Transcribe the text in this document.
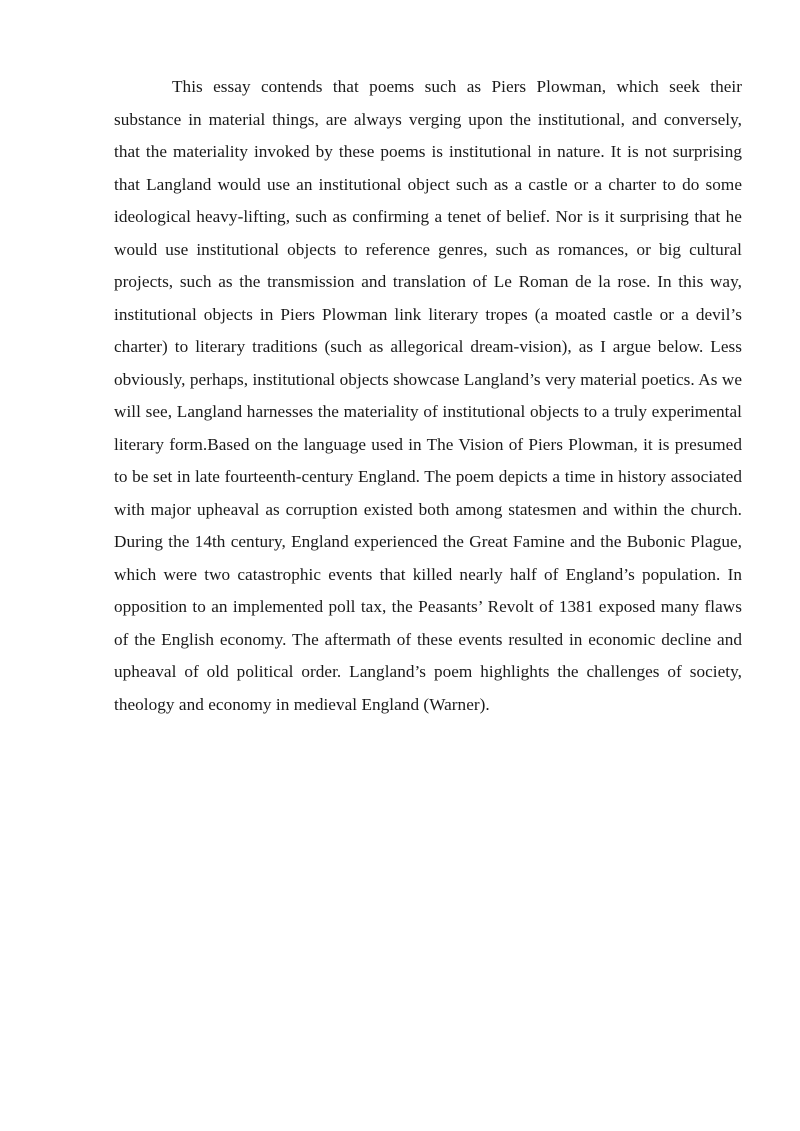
This essay contends that poems such as Piers Plowman, which seek their substance in material things, are always verging upon the institutional, and conversely, that the materiality invoked by these poems is institutional in nature. It is not surprising that Langland would use an institutional object such as a castle or a charter to do some ideological heavy-lifting, such as confirming a tenet of belief. Nor is it surprising that he would use institutional objects to reference genres, such as romances, or big cultural projects, such as the transmission and translation of Le Roman de la rose. In this way, institutional objects in Piers Plowman link literary tropes (a moated castle or a devil’s charter) to literary traditions (such as allegorical dream-vision), as I argue below. Less obviously, perhaps, institutional objects showcase Langland’s very material poetics. As we will see, Langland harnesses the materiality of institutional objects to a truly experimental literary form.Based on the language used in The Vision of Piers Plowman, it is presumed to be set in late fourteenth-century England. The poem depicts a time in history associated with major upheaval as corruption existed both among statesmen and within the church. During the 14th century, England experienced the Great Famine and the Bubonic Plague, which were two catastrophic events that killed nearly half of England’s population. In opposition to an implemented poll tax, the Peasants’ Revolt of 1381 exposed many flaws of the English economy. The aftermath of these events resulted in economic decline and upheaval of old political order. Langland’s poem highlights the challenges of society, theology and economy in medieval England (Warner).
